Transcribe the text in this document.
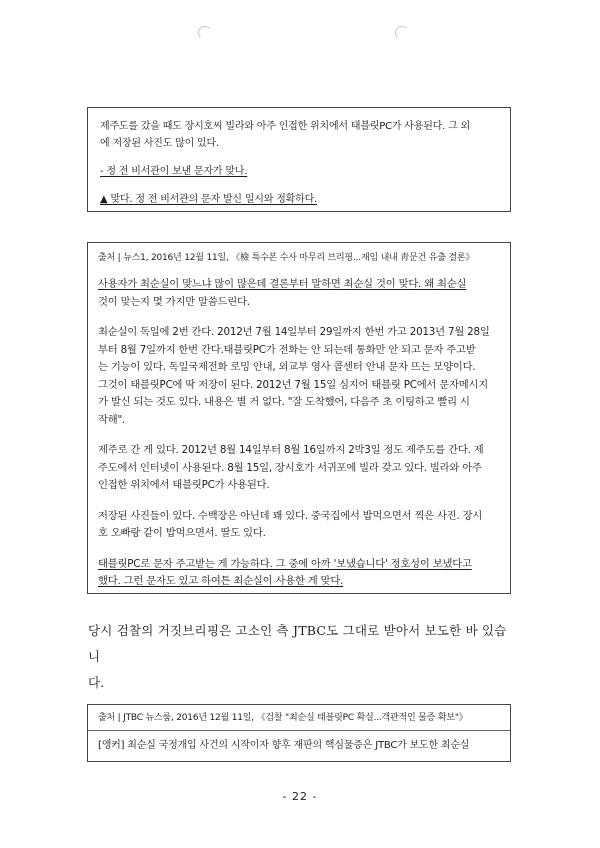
제주도를 갔을 때도 장시호씨 빌라와 아주 인접한 위치에서 태블릿PC가 사용된다. 그 외

에 저장된 사진도 많이 있다.

- 정 전 비서관이 보낸 문자가 맞나.

▲ 맞다. 정 전 비서관의 문자 발신 일시와 정확하다.

출처 | 뉴스1, 2016년 12월 11일, 《檢 특수본 수사 마무리 브리핑...재임 내내 靑문건 유출 결론》

사용자가 최순실이 맞느냐 많이 많은데 결론부터 말하면 최순실 것이 맞다. 왜 최순실

것이 맞는지 몇 가지만 말씀드린다.

최순실이 독일에 2번 간다. 2012년 7월 14일부터 29일까지 한번 가고 2013년 7월 28일

부터 8월 7일까지 한번 간다.태블릿PC가 전화는 안 되는데 통화만 안 되고 문자 주고받

는 기능이 있다. 독일국제전화 로밍 안내, 외교부 영사 콜센터 안내 문자 뜨는 모양이다.

그것이 태블릿PC에 딱 저장이 된다. 2012년 7월 15일 심지어 태블릿 PC에서 문자메시지

가 발신 되는 것도 있다. 내용은 별 거 없다. "잘 도착했어, 다음주 초 이팅하고 빨리 시

작해".

제주로 간 게 있다. 2012년 8월 14일부터 8월 16일까지 2박3일 정도 제주도를 간다. 제

주도에서 인터넷이 사용된다. 8월 15일, 장시호가 서귀포에 빌라 갖고 있다. 빌라와 아주

인접한 위치에서 태블릿PC가 사용된다.

저장된 사진들이 있다. 수백장은 아닌데 꽤 있다. 중국집에서 밥먹으면서 찍은 사진. 장시

호 오빠랑 같이 밥먹으면서. 딸도 있다.

태블릿PC로 문자 주고받는 게 가능하다. 그 중에 아까 '보냈습니다' 정호성이 보냈다고

했다. 그런 문자도 있고 하여튼 최순실이 사용한 게 맞다.

당시 검찰의 거짓브리핑은 고소인 측 JTBC도 그대로 받아서 보도한 바 있습니
다.

출처 | JTBC 뉴스룸, 2016년 12월 11일, 《검찰 "최순실 태블릿PC 확실...객관적인 물증 확보"》

[앵커] 최순실 국정개입 사건의 시작이자 향후 재판의 핵심물증은 JTBC가 보도한 최순실

- 22 -
